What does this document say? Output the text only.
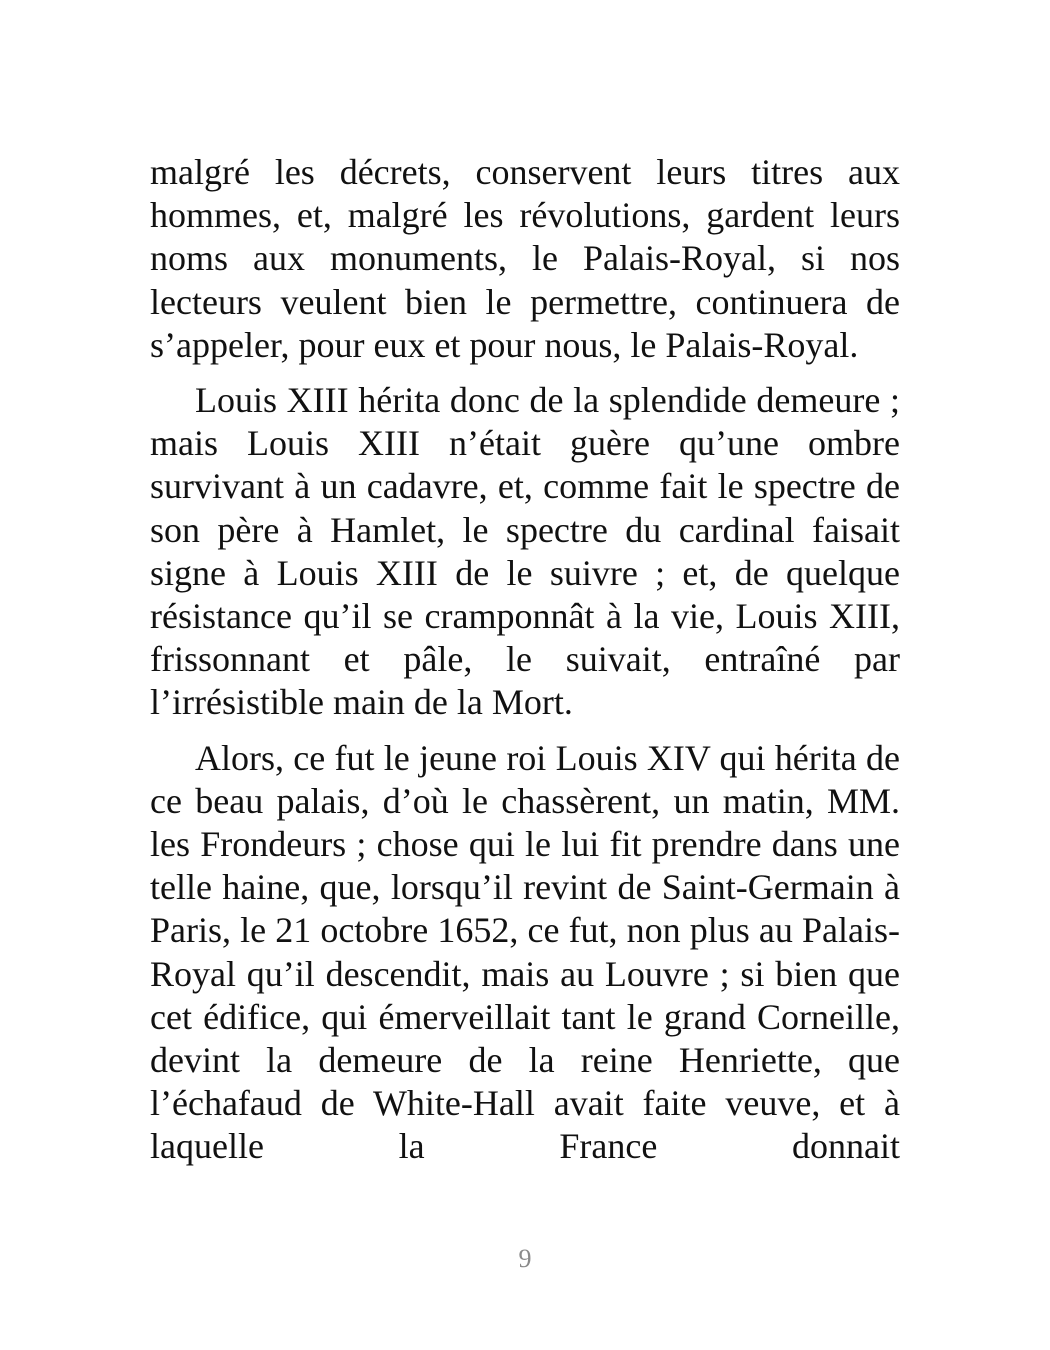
malgré les décrets, conservent leurs titres aux hommes, et, malgré les révolutions, gardent leurs noms aux monuments, le Palais-Royal, si nos lecteurs veulent bien le permettre, continuera de s’appeler, pour eux et pour nous, le Palais-Royal.

Louis XIII hérita donc de la splendide demeure ; mais Louis XIII n’était guère qu’une ombre survivant à un cadavre, et, comme fait le spectre de son père à Hamlet, le spectre du cardinal faisait signe à Louis XIII de le suivre ; et, de quelque résistance qu’il se cramponnât à la vie, Louis XIII, frissonnant et pâle, le suivait, entraîné par l’irrésistible main de la Mort.

Alors, ce fut le jeune roi Louis XIV qui hérita de ce beau palais, d’où le chassèrent, un matin, MM. les Frondeurs ; chose qui le lui fit prendre dans une telle haine, que, lorsqu’il revint de Saint-Germain à Paris, le 21 octobre 1652, ce fut, non plus au Palais-Royal qu’il descendit, mais au Louvre ; si bien que cet édifice, qui émerveillait tant le grand Corneille, devint la demeure de la reine Henriette, que l’échafaud de White-Hall avait faite veuve, et à laquelle la France donnait

9
